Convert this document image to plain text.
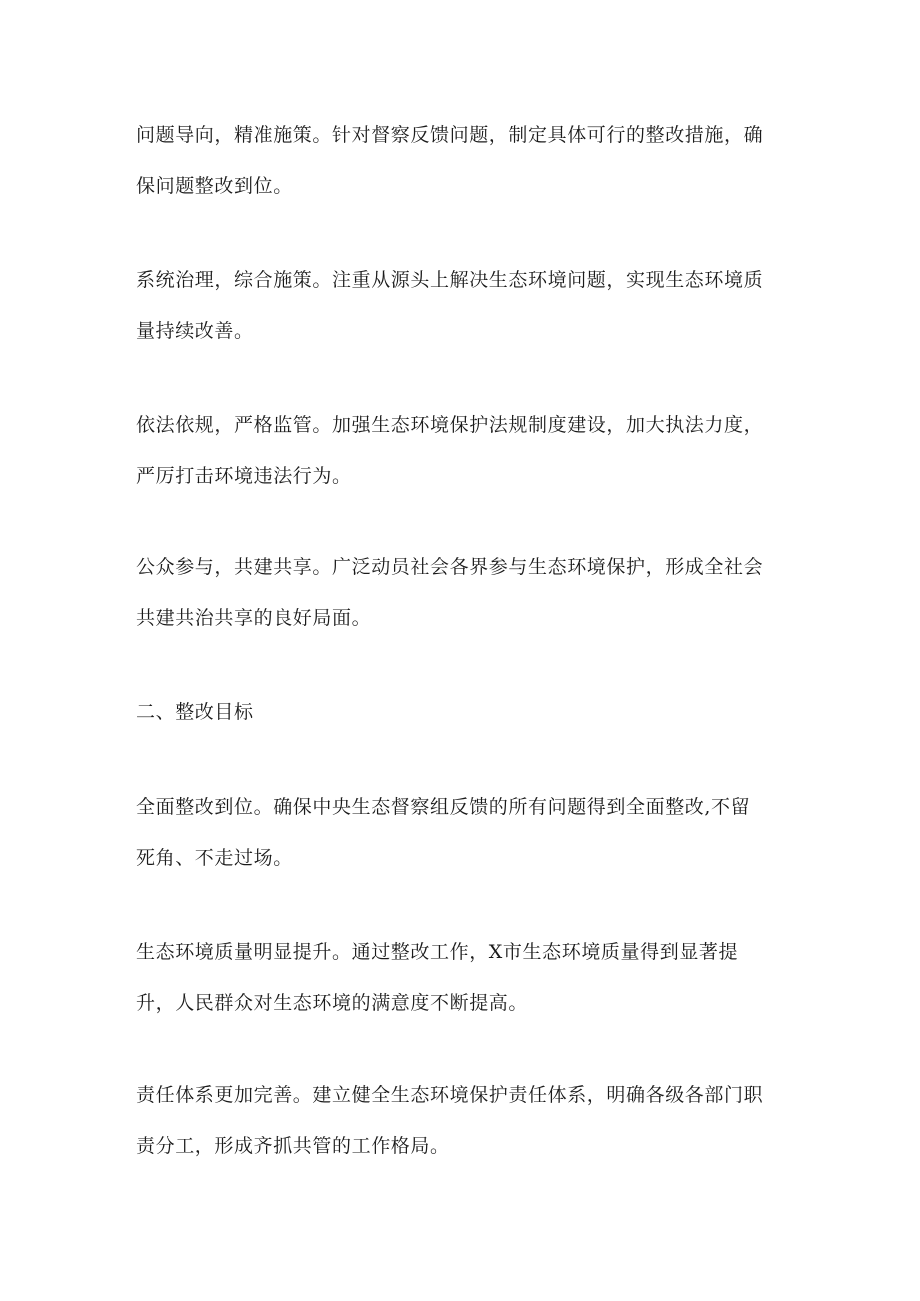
问题导向，精准施策。针对督察反馈问题，制定具体可行的整改措施，确
保问题整改到位。

系统治理，综合施策。注重从源头上解决生态环境问题，实现生态环境质
量持续改善。

依法依规，严格监管。加强生态环境保护法规制度建设，加大执法力度，
严厉打击环境违法行为。

公众参与，共建共享。广泛动员社会各界参与生态环境保护，形成全社会
共建共治共享的良好局面。

二、整改目标

全面整改到位。确保中央生态督察组反馈的所有问题得到全面整改,不留
死角、不走过场。

生态环境质量明显提升。通过整改工作，X市生态环境质量得到显著提
升，人民群众对生态环境的满意度不断提高。

责任体系更加完善。建立健全生态环境保护责任体系，明确各级各部门职
责分工，形成齐抓共管的工作格局。
